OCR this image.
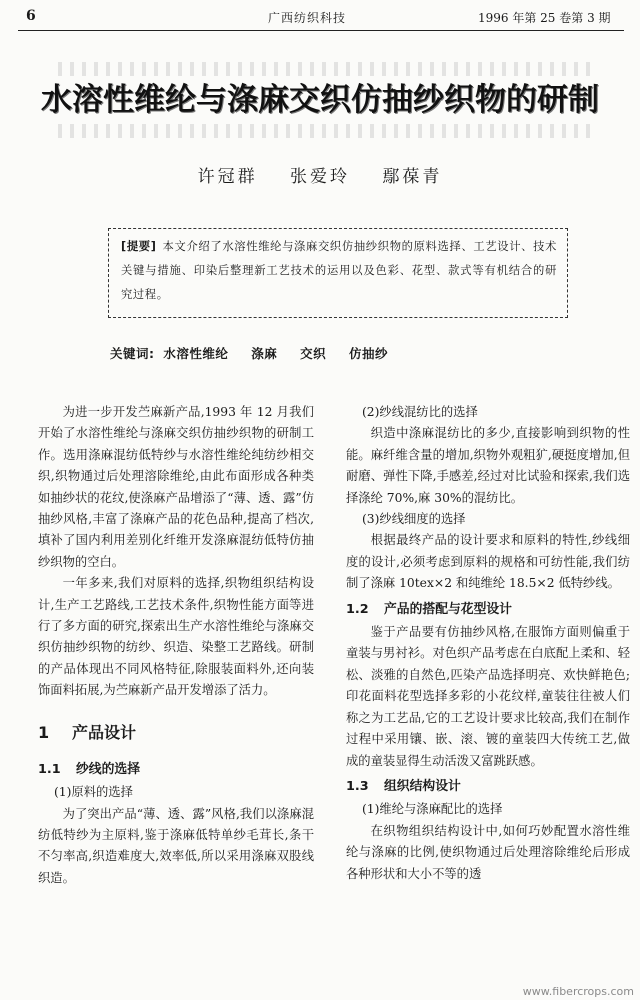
6	广西纺织科技	1996 年第 25 卷第 3 期
水溶性维纶与涤麻交织仿抽纱织物的研制
许冠群 张爱玲 鄢葆青
[提要] 本文介绍了水溶性维纶与涤麻交织仿抽纱织物的原料选择、工艺设计、技术关键与措施、印染后整理新工艺技术的运用以及色彩、花型、款式等有机结合的研究过程。
关键词: 水溶性维纶 涤麻 交织 仿抽纱

为进一步开发苎麻新产品,1993 年 12 月我们开始了水溶性维纶与涤麻交织仿抽纱织物的研制工作。选用涤麻混纺低特纱与水溶性维纶纯纺纱相交织,织物通过后处理溶除维纶,由此布面形成各种类如抽纱状的花纹,使涤麻产品增添了“薄、透、露”仿抽纱风格,丰富了涤麻产品的花色品种,提高了档次,填补了国内利用差别化纤维开发涤麻混纺低特仿抽纱织物的空白。

一年多来,我们对原料的选择,织物组织结构设计,生产工艺路线,工艺技术条件,织物性能方面等进行了多方面的研究,探索出生产水溶性维纶与涤麻交织仿抽纱织物的纺纱、织造、染整工艺路线。研制的产品体现出不同风格特征,除服装面料外,还向装饰面料拓展,为苎麻新产品开发增添了活力。

1 产品设计
1.1 纱线的选择

(1)原料的选择

为了突出产品“薄、透、露”风格,我们以涤麻混纺低特纱为主原料,鉴于涤麻低特单纱毛茸长,条干不匀率高,织造难度大,效率低,所以采用涤麻双股线织造。

(2)纱线混纺比的选择

织造中涤麻混纺比的多少,直接影响到织物的性能。麻纤维含量的增加,织物外观粗犷,硬挺度增加,但耐磨、弹性下降,手感差,经过对比试验和探索,我们选择涤纶 70%,麻 30%的混纺比。

(3)纱线细度的选择

根据最终产品的设计要求和原料的特性,纱线细度的设计,必须考虑到原料的规格和可纺性能,我们纺制了涤麻 10tex×2 和纯维纶 18.5×2 低特纱线。

1.2 产品的搭配与花型设计

鉴于产品要有仿抽纱风格,在服饰方面则偏重于童装与男衬衫。对色织产品考虑在白底配上柔和、轻松、淡雅的自然色,匹染产品选择明亮、欢快鲜艳色;印花面料花型选择多彩的小花纹样,童装往往被人们称之为工艺品,它的工艺设计要求比较高,我们在制作过程中采用镶、嵌、滚、镀的童装四大传统工艺,做成的童装显得生动活泼又富跳跃感。

1.3 组织结构设计

(1)维纶与涤麻配比的选择

在织物组织结构设计中,如何巧妙配置水溶性维纶与涤麻的比例,使织物通过后处理溶除维纶后形成各种形状和大小不等的透

www.fibercrops.com
